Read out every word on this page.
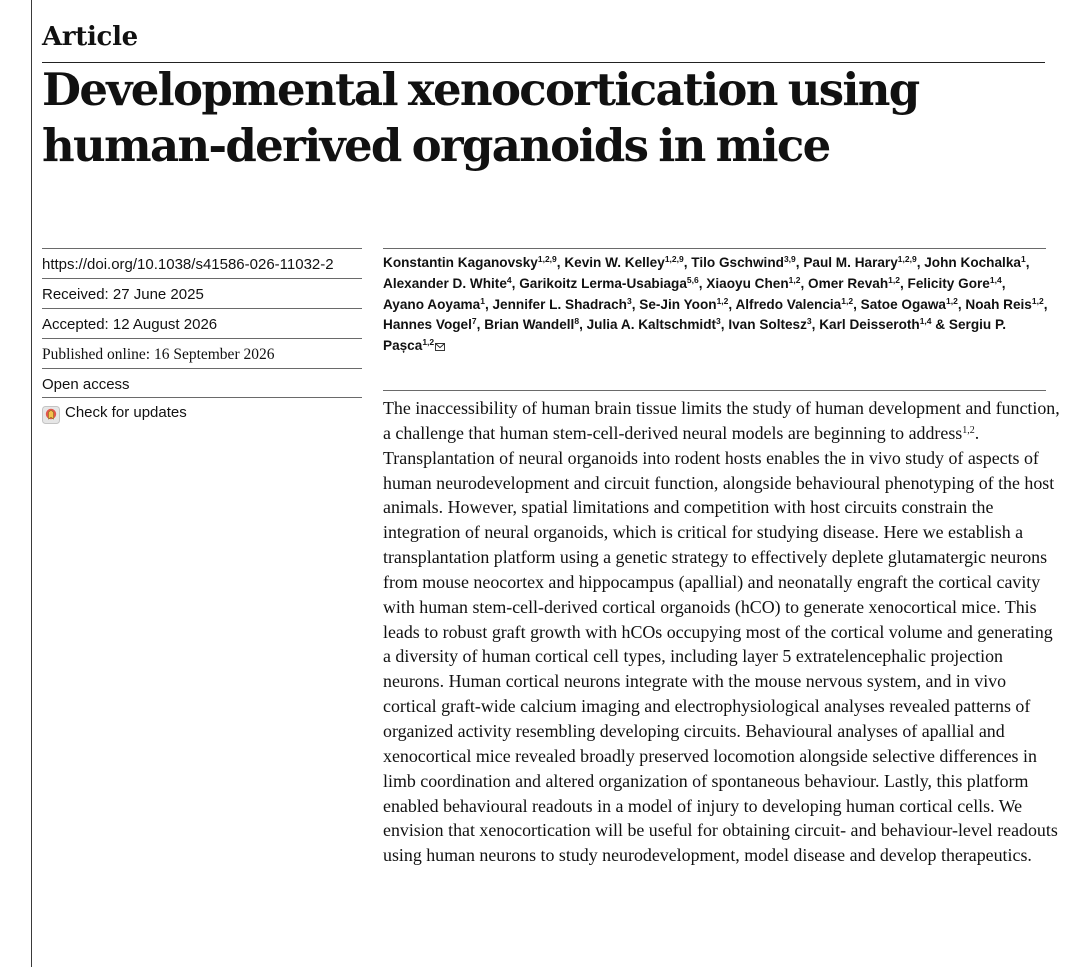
Article
Developmental xenocortication using human-derived organoids in mice
https://doi.org/10.1038/s41586-026-11032-2
Received: 27 June 2025
Accepted: 12 August 2026
Published online: 16 September 2026
Open access
Check for updates
Konstantin Kaganovsky$^{1,2,9}$, Kevin W. Kelley$^{1,2,9}$, Tilo Gschwind$^{3,9}$, Paul M. Harary$^{1,2,9}$, John Kochalka$^1$, Alexander D. White$^4$, Garikoitz Lerma-Usabiaga$^{5,6}$, Xiaoyu Chen$^{1,2}$, Omer Revah$^{1,2}$, Felicity Gore$^{1,4}$, Ayano Aoyama$^1$, Jennifer L. Shadrach$^3$, Se-Jin Yoon$^{1,2}$, Alfredo Valencia$^{1,2}$, Satoe Ogawa$^{1,2}$, Noah Reis$^{1,2}$, Hannes Vogel$^7$, Brian Wandell$^8$, Julia A. Kaltschmidt$^3$, Ivan Soltesz$^3$, Karl Deisseroth$^{1,4}$ & Sergiu P. Pașca$^{1,2}$

The inaccessibility of human brain tissue limits the study of human development and function, a challenge that human stem-cell-derived neural models are beginning to address$^{1,2}$. Transplantation of neural organoids into rodent hosts enables the in vivo study of aspects of human neurodevelopment and circuit function, alongside behavioural phenotyping of the host animals. However, spatial limitations and competition with host circuits constrain the integration of neural organoids, which is critical for studying disease. Here we establish a transplantation platform using a genetic strategy to effectively deplete glutamatergic neurons from mouse neocortex and hippocampus (apallial) and neonatally engraft the cortical cavity with human stem-cell-derived cortical organoids (hCO) to generate xenocortical mice. This leads to robust graft growth with hCOs occupying most of the cortical volume and generating a diversity of human cortical cell types, including layer 5 extratelencephalic projection neurons. Human cortical neurons integrate with the mouse nervous system, and in vivo cortical graft-wide calcium imaging and electrophysiological analyses revealed patterns of organized activity resembling developing circuits. Behavioural analyses of apallial and xenocortical mice revealed broadly preserved locomotion alongside selective differences in limb coordination and altered organization of spontaneous behaviour. Lastly, this platform enabled behavioural readouts in a model of injury to developing human cortical cells. We envision that xenocortication will be useful for obtaining circuit- and behaviour-level readouts using human neurons to study neurodevelopment, model disease and develop therapeutics.
